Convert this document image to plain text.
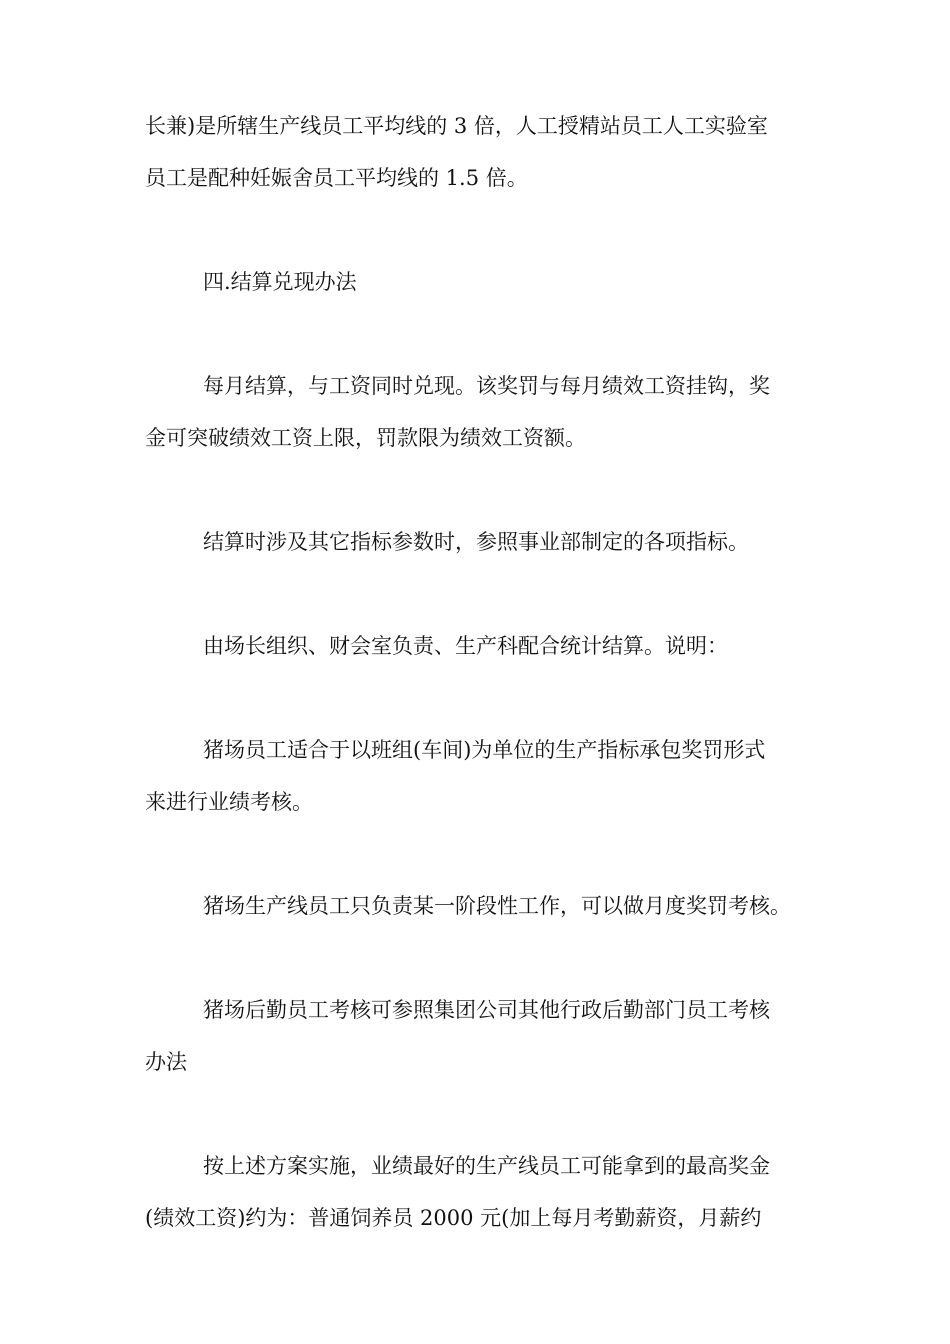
长兼)是所辖生产线员工平均线的 3 倍，人工授精站员工人工实验室
员工是配种妊娠舍员工平均线的 1.5 倍。

四.结算兑现办法

每月结算，与工资同时兑现。该奖罚与每月绩效工资挂钩，奖
金可突破绩效工资上限，罚款限为绩效工资额。

结算时涉及其它指标参数时，参照事业部制定的各项指标。

由场长组织、财会室负责、生产科配合统计结算。说明：

猪场员工适合于以班组(车间)为单位的生产指标承包奖罚形式
来进行业绩考核。

猪场生产线员工只负责某一阶段性工作，可以做月度奖罚考核。

猪场后勤员工考核可参照集团公司其他行政后勤部门员工考核
办法

按上述方案实施，业绩最好的生产线员工可能拿到的最高奖金
(绩效工资)约为：普通饲养员 2000 元(加上每月考勤薪资，月薪约
